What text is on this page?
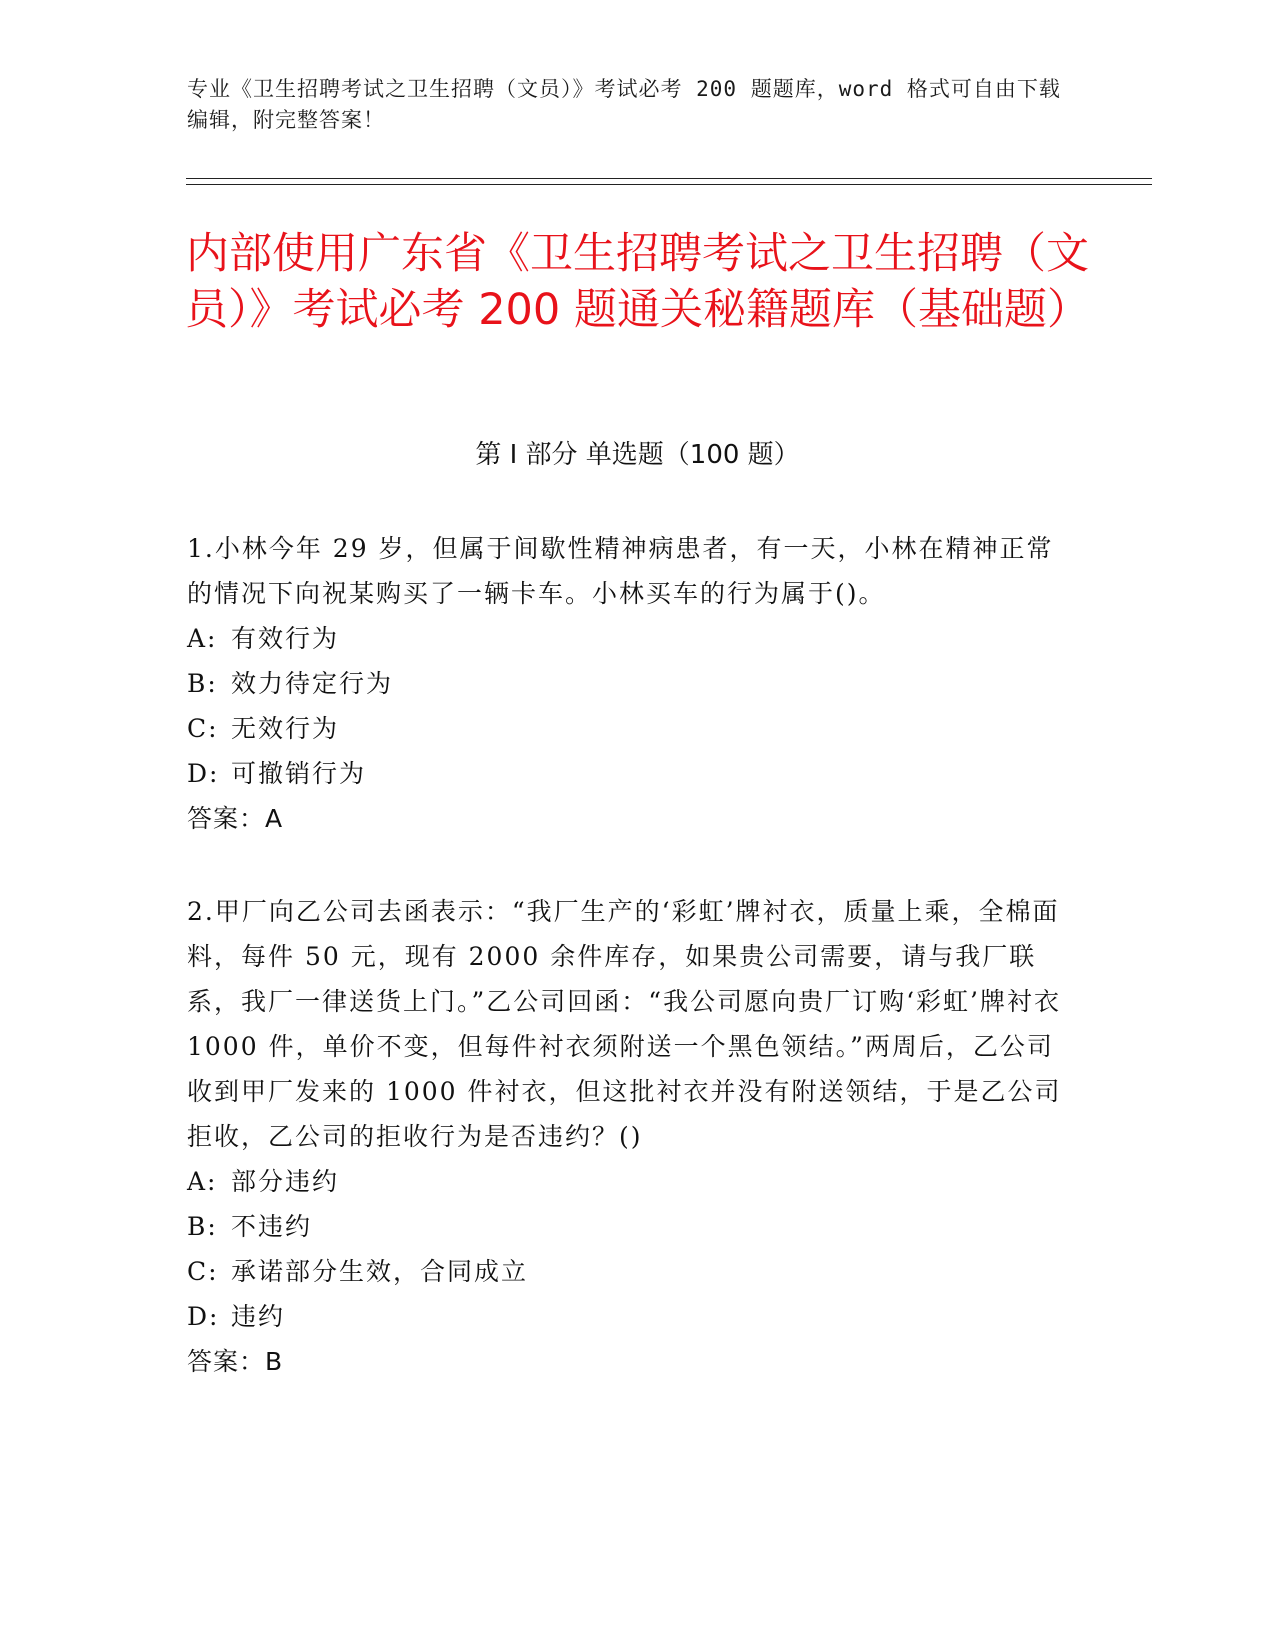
专业《卫生招聘考试之卫生招聘（文员）》考试必考 200 题题库，word 格式可自由下载编辑，附完整答案！
内部使用广东省《卫生招聘考试之卫生招聘（文员）》考试必考 200 题通关秘籍题库（基础题）
第 I 部分 单选题（100 题）

1.小林今年 29 岁，但属于间歇性精神病患者，有一天，小林在精神正常的情况下向祝某购买了一辆卡车。小林买车的行为属于()。

A: 有效行为
B: 效力待定行为
C: 无效行为
D: 可撤销行为
答案：A

2.甲厂向乙公司去函表示：“我厂生产的‘彩虹’牌衬衣，质量上乘，全棉面料，每件 50 元，现有 2000 余件库存，如果贵公司需要，请与我厂联系，我厂一律送货上门。”乙公司回函：“我公司愿向贵厂订购‘彩虹’牌衬衣 1000 件，单价不变，但每件衬衣须附送一个黑色领结。”两周后，乙公司收到甲厂发来的 1000 件衬衣，但这批衬衣并没有附送领结，于是乙公司拒收，乙公司的拒收行为是否违约？()

A: 部分违约
B: 不违约
C: 承诺部分生效，合同成立
D: 违约
答案：B
